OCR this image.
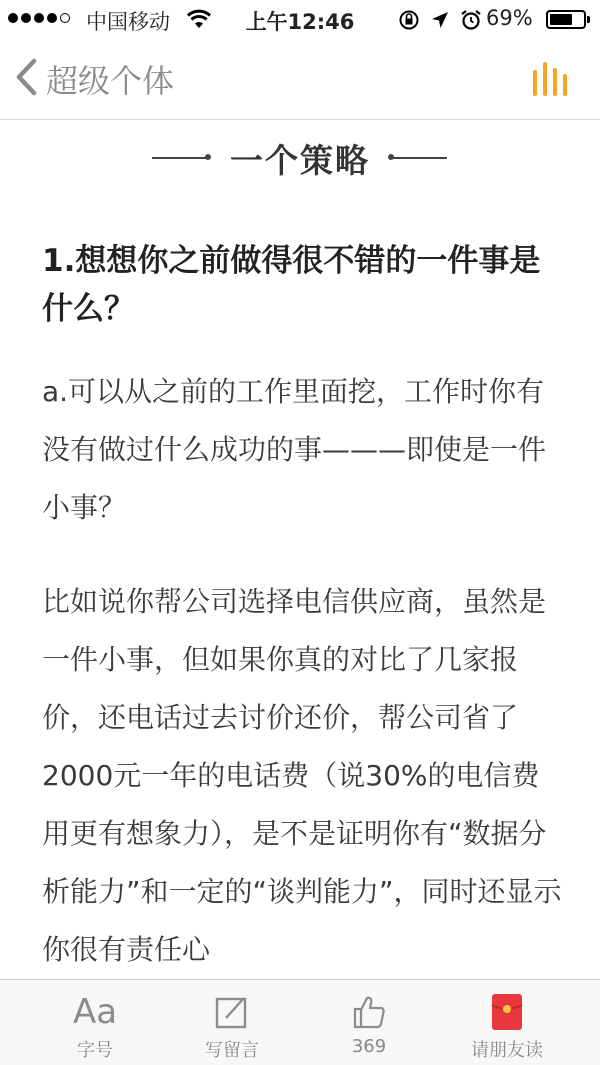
中国移动	上午12:46	69%
超级个体
一个策略
1.想想你之前做得很不错的一件事是什么？
a.可以从之前的工作里面挖，工作时你有没有做过什么成功的事———即使是一件小事？
比如说你帮公司选择电信供应商，虽然是一件小事，但如果你真的对比了几家报价，还电话过去讨价还价，帮公司省了2000元一年的电话费（说30%的电信费用更有想象力），是不是证明你有“数据分析能力”和一定的“谈判能力”，同时还显示你很有责任心
Aa
字号	写留言	369	请朋友读
